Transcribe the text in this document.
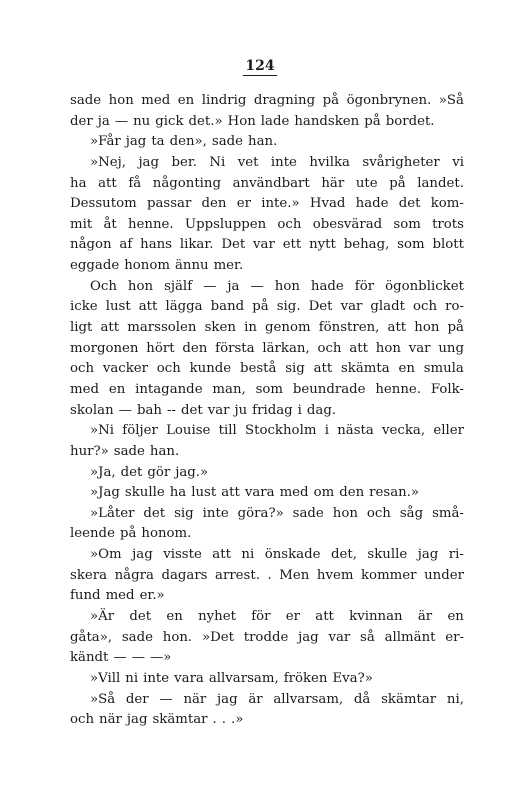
124
sade hon med en lindrig dragning på ögonbrynen. »Så
der ja — nu gick det.» Hon lade handsken på bordet.
»Får jag ta den», sade han.
»Nej, jag ber. Ni vet inte hvilka svårigheter vi
ha att få någonting användbart här ute på landet.
Dessutom passar den er inte.» Hvad hade det kom-
mit åt henne. Uppsluppen och obesvärad som trots
någon af hans likar. Det var ett nytt behag, som blott
eggade honom ännu mer.
Och hon själf — ja — hon hade för ögonblicket
icke lust att lägga band på sig. Det var gladt och ro-
ligt att marssolen sken in genom fönstren, att hon på
morgonen hört den första lärkan, och att hon var ung
och vacker och kunde bestå sig att skämta en smula
med en intagande man, som beundrade henne. Folk-
skolan — bah -- det var ju fridag i dag.
»Ni följer Louise till Stockholm i nästa vecka, eller
hur?» sade han.
»Ja, det gör jag.»
»Jag skulle ha lust att vara med om den resan.»
»Låter det sig inte göra?» sade hon och såg små-
leende på honom.
»Om jag visste att ni önskade det, skulle jag ri-
skera några dagars arrest. . Men hvem kommer under
fund med er.»
»Är det en nyhet för er att kvinnan är en
gåta», sade hon. »Det trodde jag var så allmänt er-
kändt — — —»
»Vill ni inte vara allvarsam, fröken Eva?»
»Så der — när jag är allvarsam, då skämtar ni,
och när jag skämtar . . .»
